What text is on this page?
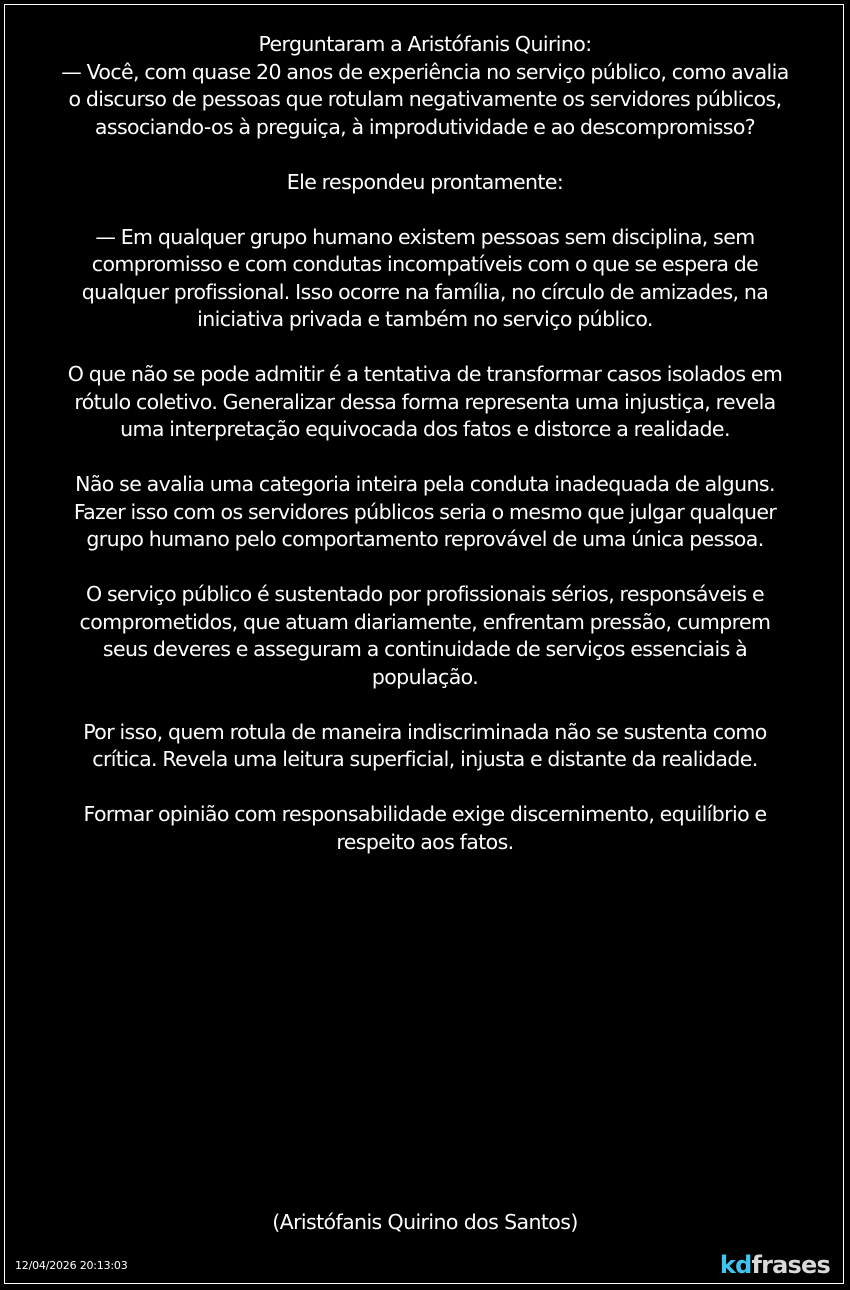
Perguntaram a Aristófanis Quirino:
— Você, com quase 20 anos de experiência no serviço público, como avalia o discurso de pessoas que rotulam negativamente os servidores públicos, associando-os à preguiça, à improdutividade e ao descompromisso?

Ele respondeu prontamente:

— Em qualquer grupo humano existem pessoas sem disciplina, sem compromisso e com condutas incompatíveis com o que se espera de qualquer profissional. Isso ocorre na família, no círculo de amizades, na iniciativa privada e também no serviço público.

O que não se pode admitir é a tentativa de transformar casos isolados em rótulo coletivo. Generalizar dessa forma representa uma injustiça, revela uma interpretação equivocada dos fatos e distorce a realidade.

Não se avalia uma categoria inteira pela conduta inadequada de alguns. Fazer isso com os servidores públicos seria o mesmo que julgar qualquer grupo humano pelo comportamento reprovável de uma única pessoa.

O serviço público é sustentado por profissionais sérios, responsáveis e comprometidos, que atuam diariamente, enfrentam pressão, cumprem seus deveres e asseguram a continuidade de serviços essenciais à população.

Por isso, quem rotula de maneira indiscriminada não se sustenta como crítica. Revela uma leitura superficial, injusta e distante da realidade.

Formar opinião com responsabilidade exige discernimento, equilíbrio e respeito aos fatos.

(Aristófanis Quirino dos Santos)
12/04/2026 20:13:03	kdfrases
